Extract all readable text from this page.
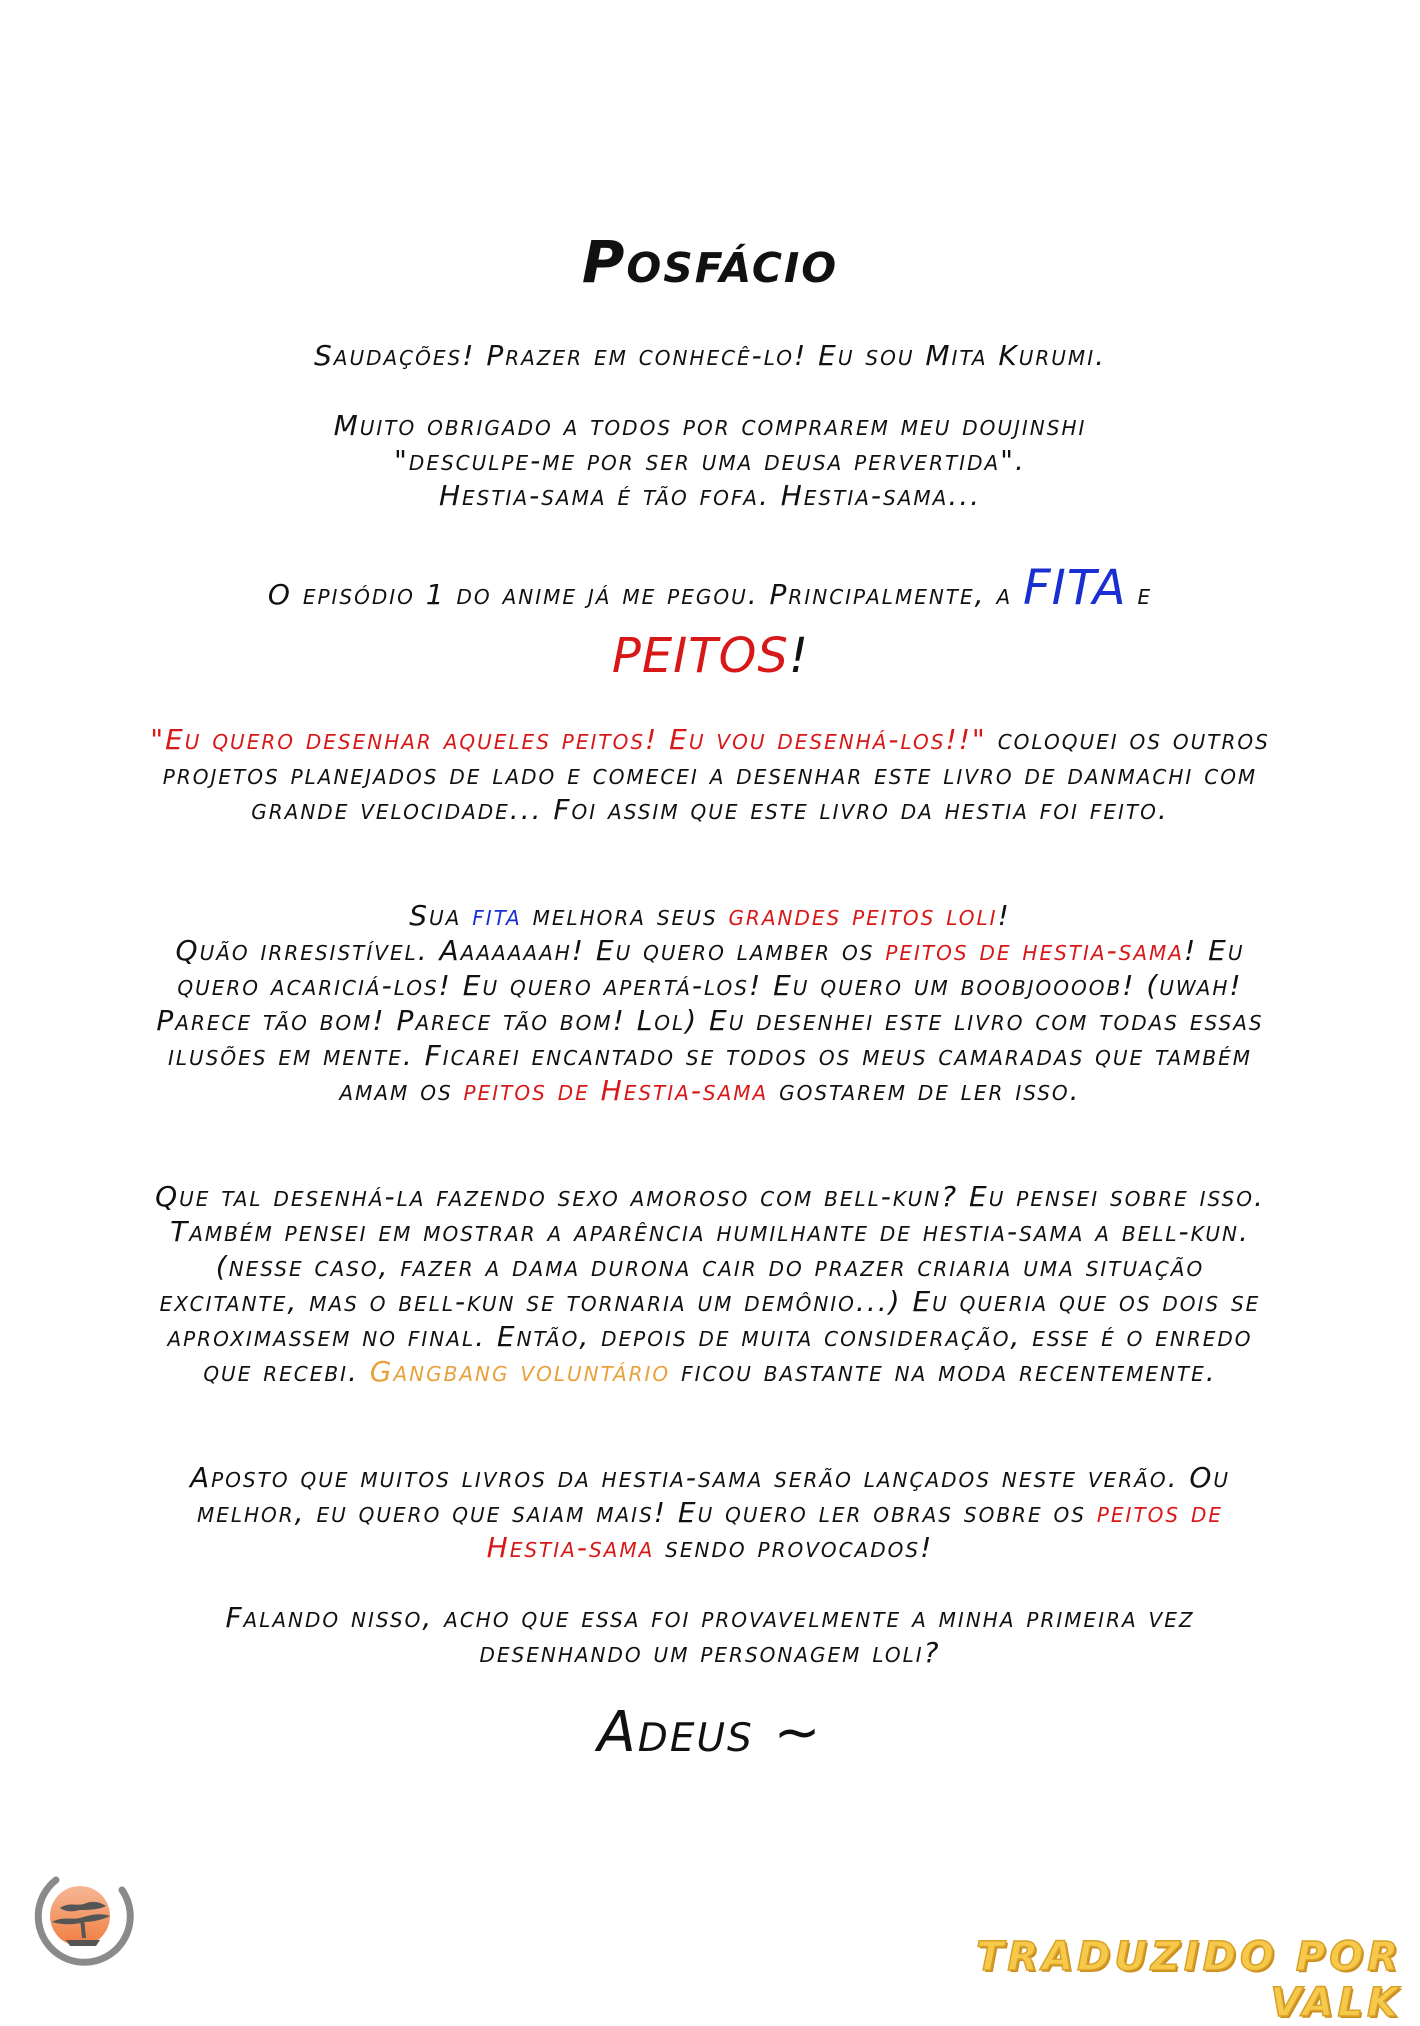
Posfácio

Saudações! Prazer em conhecê-lo! Eu sou Mita Kurumi.

Muito obrigado a todos por comprarem meu doujinshi
"desculpe-me por ser uma deusa pervertida".
Hestia-sama é tão fofa. Hestia-sama...

O episódio 1 do anime já me pegou. Principalmente, a FITA e

PEITOS!

"Eu quero desenhar aqueles peitos! Eu vou desenhá-los!!" coloquei os outros projetos planejados de lado e comecei a desenhar este livro de danmachi com grande velocidade... Foi assim que este livro da hestia foi feito.

Sua fita melhora seus grandes peitos loli!
Quão irresistível. Aaaaaaah! Eu quero lamber os peitos de hestia-sama! Eu quero acariciá-los! Eu quero apertá-los! Eu quero um boobjoooob! (uwah! Parece tão bom! Parece tão bom! Lol) Eu desenhei este livro com todas essas ilusões em mente. Ficarei encantado se todos os meus camaradas que também amam os peitos de Hestia-sama gostarem de ler isso.

Que tal desenhá-la fazendo sexo amoroso com bell-kun? Eu pensei sobre isso. Também pensei em mostrar a aparência humilhante de hestia-sama a bell-kun. (nesse caso, fazer a dama durona cair do prazer criaria uma situação excitante, mas o bell-kun se tornaria um demônio...) Eu queria que os dois se aproximassem no final. Então, depois de muita consideração, esse é o enredo que recebi. Gangbang voluntário ficou bastante na moda recentemente.

Aposto que muitos livros da hestia-sama serão lançados neste verão. Ou melhor, eu quero que saiam mais! Eu quero ler obras sobre os peitos de Hestia-sama sendo provocados!

Falando nisso, acho que essa foi provavelmente a minha primeira vez desenhando um personagem loli?

Adeus ~

TRADUZIDO POR VALK
